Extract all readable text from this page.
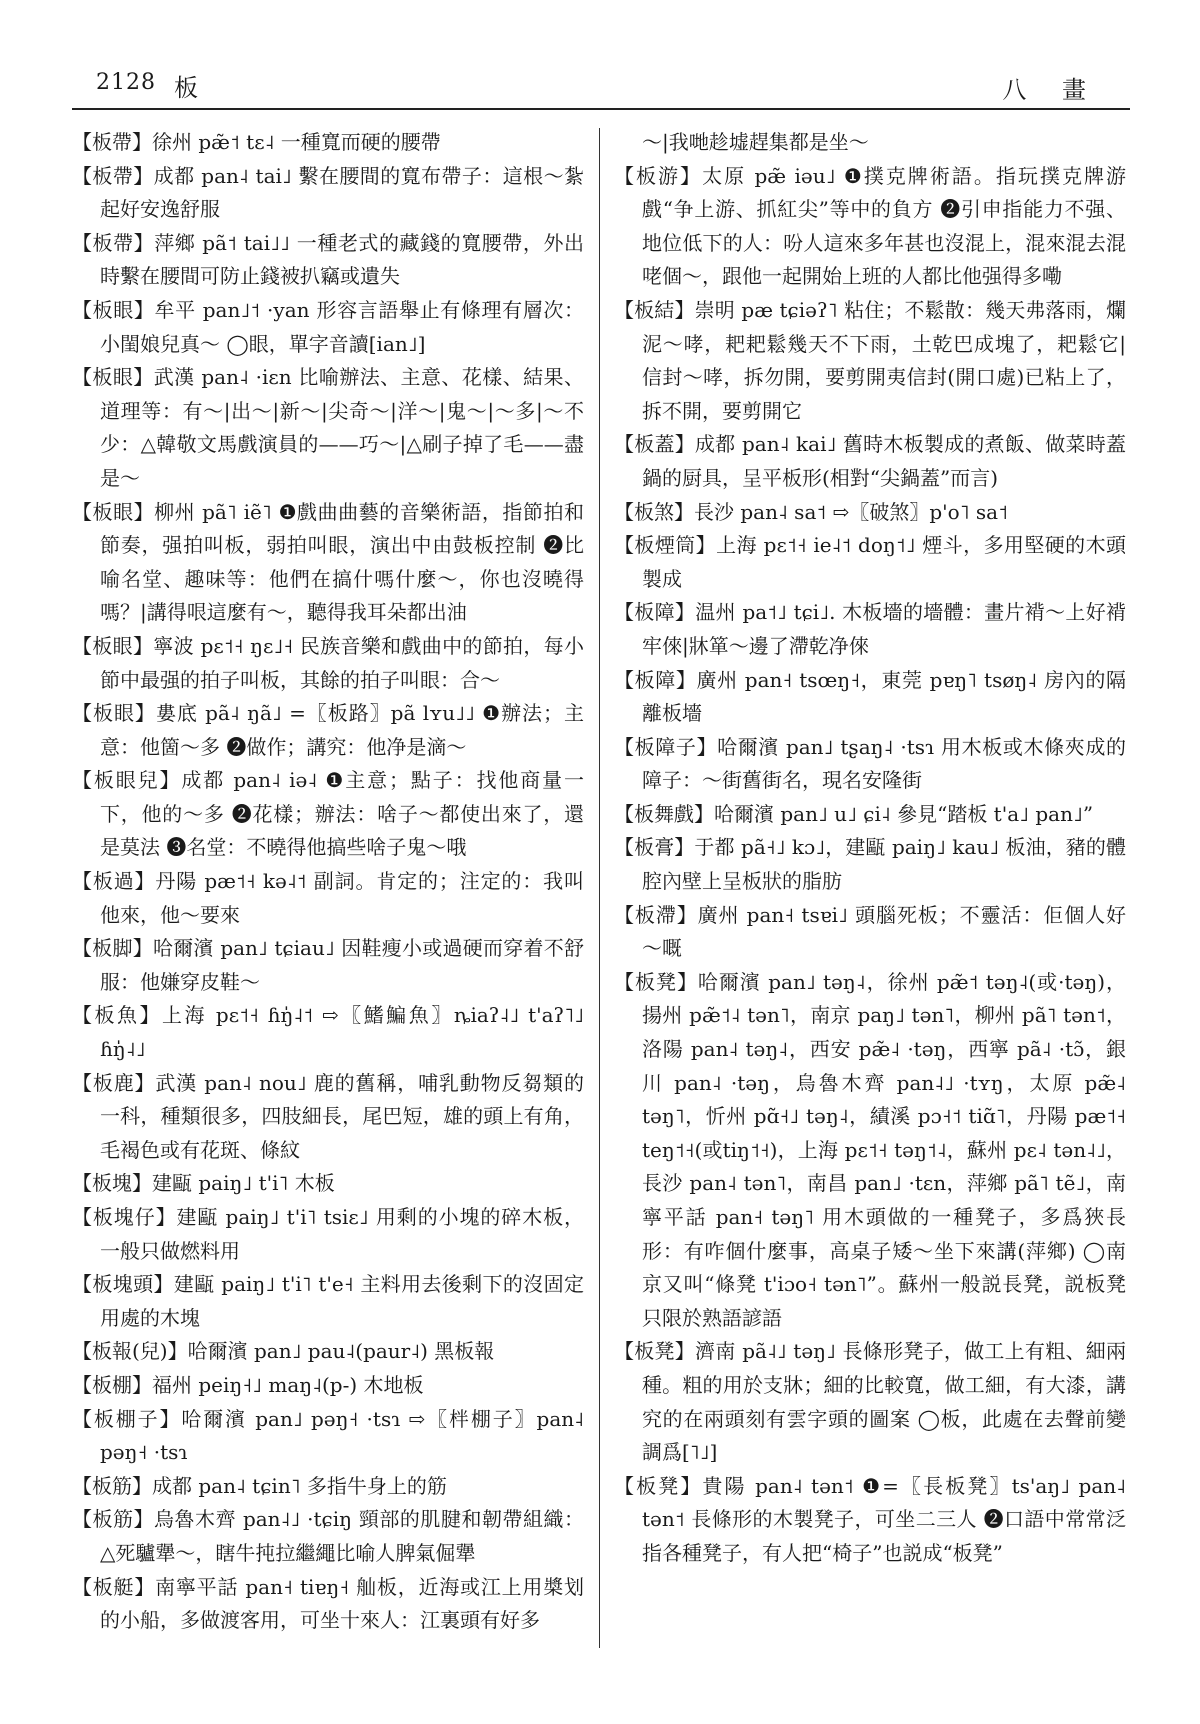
2128 板	八 畫

【板帶】徐州 pæ̃˦ tɛ˨ 一種寬而硬的腰帶

【板帶】成都 pan˨ tai˩ 繫在腰間的寬布帶子：這根～紮起好安逸舒服

【板帶】萍鄉 pã˦ tai˩˩ 一種老式的藏錢的寬腰帶，外出時繫在腰間可防止錢被扒竊或遺失

【板眼】牟平 pan˩˦ ·yan 形容言語舉止有條理有層次：小閨娘兒真～ ◯眼，單字音讀[ian˩]

【板眼】武漢 pan˨ ·iɛn 比喻辦法、主意、花樣、結果、道理等：有～|出～|新～|尖奇～|洋～|鬼～|～多|～不少：△韓敬文馬戲演員的——巧～|△刷子掉了毛——盡是～

【板眼】柳州 pã˥ iẽ˥ ❶戲曲曲藝的音樂術語，指節拍和節奏，强拍叫板，弱拍叫眼，演出中由鼓板控制 ❷比喻名堂、趣味等：他們在搞什嗎什麼～，你也沒曉得嗎？|講得哏這麼有～，聽得我耳朵都出油

【板眼】寧波 pɛ˦˧ ŋɛ˩˧ 民族音樂和戲曲中的節拍，每小節中最强的拍子叫板，其餘的拍子叫眼：合～

【板眼】婁底 pã˨ ŋã˩ =〖板路〗pã lʏu˩˩ ❶辦法；主意：他箇～多 ❷做作；講究：他净是滴～

【板眼兒】成都 pan˨ iə˨ ❶主意；點子：找他商量一下，他的～多 ❷花樣；辦法：啥子～都使出來了，還是莫法 ❸名堂：不曉得他搞些啥子鬼～哦

【板過】丹陽 pæ˦˧ kə˨˦ 副詞。肯定的；注定的：我叫他來，他～要來

【板脚】哈爾濱 pan˩ tɕiau˩ 因鞋瘦小或過硬而穿着不舒服：他嫌穿皮鞋～

【板魚】上海 pɛ˦˧ ɦŋ̍˨˦ ⇨〖鰭鯿魚〗ȵiaʔ˨˩ t'aʔ˥˩ ɦŋ̍˨˩

【板鹿】武漢 pan˨ nou˩ 鹿的舊稱，哺乳動物反芻類的一科，種類很多，四肢細長，尾巴短，雄的頭上有角，毛褐色或有花斑、條紋

【板塊】建甌 paiŋ˩ t'i˥ 木板

【板塊仔】建甌 paiŋ˩ t'i˥ tsiɛ˩ 用剩的小塊的碎木板，一般只做燃料用

【板塊頭】建甌 paiŋ˩ t'i˥ t'e˧ 主料用去後剩下的沒固定用處的木塊

【板報(兒)】哈爾濱 pan˩ pau˨(paur˨) 黑板報

【板棚】福州 peiŋ˧˩ maŋ˨(p-) 木地板

【板棚子】哈爾濱 pan˩ pəŋ˧ ·tsɿ ⇨〖柈棚子〗pan˨ pəŋ˧ ·tsɿ

【板筋】成都 pan˨ tɕin˥ 多指牛身上的筋

【板筋】烏魯木齊 pan˨˩ ·tɕiŋ 頸部的肌腱和韌帶組織：△死驢犟～，瞎牛扽拉繼繩比喻人脾氣倔犟

【板艇】南寧平話 pan˧ tiɐŋ˧ 舢板，近海或江上用槳划的小船，多做渡客用，可坐十來人：江裏頭有好多

～|我哋趁墟趕集都是坐～

【板游】太原 pæ̃ iəu˩ ❶撲克牌術語。指玩撲克牌游戲“争上游、抓紅尖”等中的負方 ❷引申指能力不强、地位低下的人：吩人這來多年甚也沒混上，混來混去混咾個～，跟他一起開始上班的人都比他强得多嘞

【板結】崇明 pæ tɕiəʔ˥ 粘住；不鬆散：幾天弗落雨，爛泥～哮，耙耙鬆幾天不下雨，土乾巴成塊了，耙鬆它|信封～哮，拆勿開，要剪開夷信封(開口處)已粘上了，拆不開，要剪開它

【板蓋】成都 pan˨ kai˩ 舊時木板製成的煮飯、做菜時蓋鍋的厨具，呈平板形(相對“尖鍋蓋”而言)

【板煞】長沙 pan˨ sa˦ ⇨〖破煞〗p'o˥ sa˦

【板煙筒】上海 pɛ˦˧ ie˨˦ doŋ˦˩ 煙斗，多用堅硬的木頭製成

【板障】温州 pa˦˩ tɕi˩. 木板墻的墻體：畫片褙～上好褙牢倈|牀箪～邊了滯乾净倈

【板障】廣州 pan˧ tsœŋ˧，東莞 pɐŋ˥ tsøŋ˨ 房內的隔離板墻

【板障子】哈爾濱 pan˩ tʂaŋ˨ ·tsɿ 用木板或木條夾成的障子：～街舊街名，現名安隆街

【板舞戲】哈爾濱 pan˩ u˩ ɕi˨ 參見“踏板 t'a˩ pan˩”

【板膏】于都 pã˧˩ kɔ˩，建甌 paiŋ˩ kau˩ 板油，豬的體腔內壁上呈板狀的脂肪

【板滯】廣州 pan˧ tsɐi˩ 頭腦死板；不靈活：佢個人好～嘅

【板凳】哈爾濱 pan˩ təŋ˨，徐州 pæ̃˦ təŋ˨(或·təŋ)，揚州 pæ̃˦˨ tən˥，南京 paŋ˩ tən˥，柳州 pã˥ tən˦，洛陽 pan˨ təŋ˨，西安 pæ̃˨ ·təŋ，西寧 pã˨ ·tɔ̃，銀川 pan˨ ·təŋ，烏魯木齊 pan˨˩ ·tʏŋ，太原 pæ̃˨ təŋ˥，忻州 pɑ̃˧˩ təŋ˨，績溪 pɔ˧˦ tiɑ̃˥，丹陽 pæ˦˧ teŋ˦˧(或tiŋ˦˧)，上海 pɛ˦˧ təŋ˦˨，蘇州 pɛ˨ tən˨˩，長沙 pan˨ tən˥，南昌 pan˩ ·tɛn，萍鄉 pã˥ tẽ˩，南寧平話 pan˧ təŋ˥ 用木頭做的一種凳子，多爲狹長形：有咋個什麼事，高桌子矮～坐下來講(萍鄉) ◯南京又叫“條凳 t'iɔo˧ tən˥”。蘇州一般説長凳，説板凳只限於熟語諺語

【板凳】濟南 pã˨˩ təŋ˩ 長條形凳子，做工上有粗、細兩種。粗的用於支牀；細的比較寬，做工細，有大漆，講究的在兩頭刻有雲字頭的圖案 ◯板，此處在去聲前變調爲[˥˩]

【板凳】貴陽 pan˨ tən˦ ❶=〖長板凳〗ts'aŋ˩ pan˨ tən˦ 長條形的木製凳子，可坐二三人 ❷口語中常常泛指各種凳子，有人把“椅子”也説成“板凳”
